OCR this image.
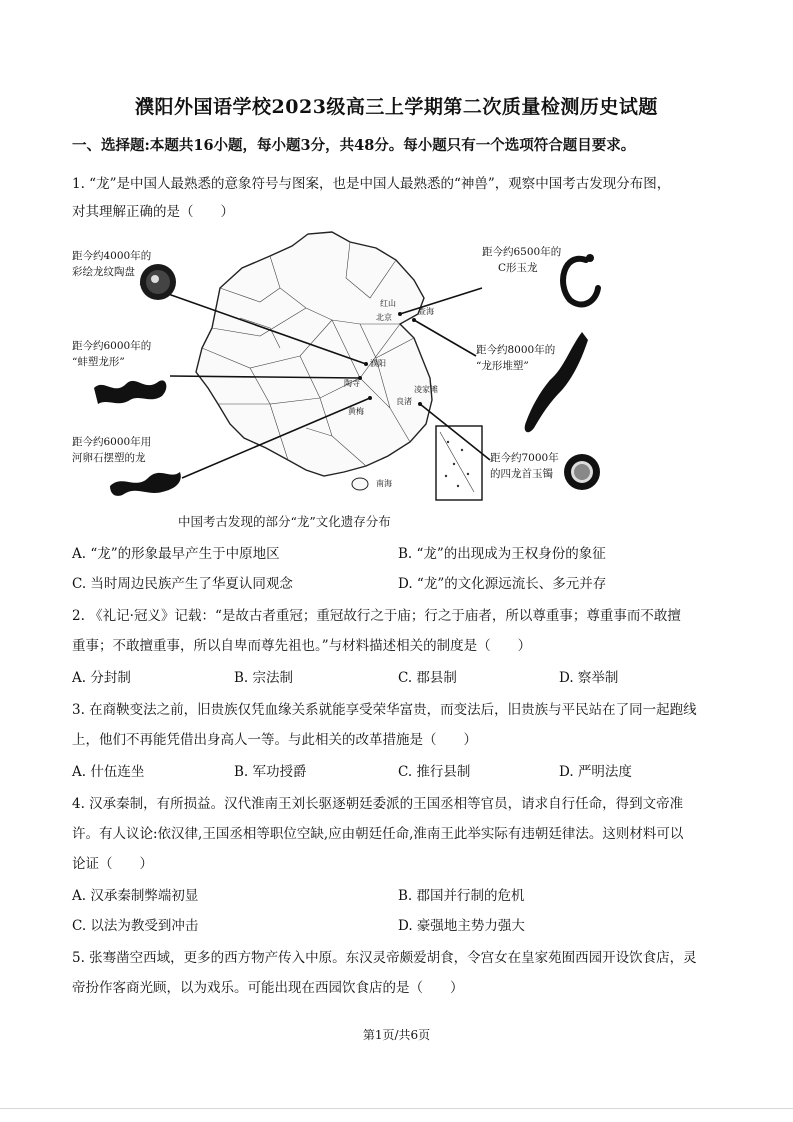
濮阳外国语学校2023级高三上学期第二次质量检测历史试题
一、选择题:本题共16小题，每小题3分，共48分。每小题只有一个选项符合题目要求。
1. “龙”是中国人最熟悉的意象符号与图案，也是中国人最熟悉的“神兽”，观察中国考古发现分布图，
对其理解正确的是（　　）
距今约4000年的
彩绘龙纹陶盘
距今约6000年的
“蚌塑龙形”
距今约6000年用
河卵石摆塑的龙
距今约6500年的
C形玉龙
距今约8000年的
“龙形堆塑”
距今约7000年
的四龙首玉镯
红山
北京
查海
濮阳
陶寺
黄梅
良渚
凌家滩
南海
中国考古发现的部分“龙”文化遗存分布
A. “龙”的形象最早产生于中原地区	B. “龙”的出现成为王权身份的象征
C. 当时周边民族产生了华夏认同观念	D. “龙”的文化源远流长、多元并存
2. 《礼记·冠义》记载：“是故古者重冠；重冠故行之于庙；行之于庙者，所以尊重事；尊重事而不敢擅
重事；不敢擅重事，所以自卑而尊先祖也。”与材料描述相关的制度是（　　）
A. 分封制	B. 宗法制	C. 郡县制	D. 察举制
3. 在商鞅变法之前，旧贵族仅凭血缘关系就能享受荣华富贵，而变法后，旧贵族与平民站在了同一起跑线
上，他们不再能凭借出身高人一等。与此相关的改革措施是（　　）
A. 什伍连坐	B. 军功授爵	C. 推行县制	D. 严明法度
4. 汉承秦制，有所损益。汉代淮南王刘长驱逐朝廷委派的王国丞相等官员，请求自行任命，得到文帝准
许。有人议论:依汉律,王国丞相等职位空缺,应由朝廷任命,淮南王此举实际有违朝廷律法。这则材料可以
论证（　　）
A. 汉承秦制弊端初显	B. 郡国并行制的危机
C. 以法为教受到冲击	D. 豪强地主势力强大
5. 张骞凿空西域，更多的西方物产传入中原。东汉灵帝颇爱胡食，令宫女在皇家苑囿西园开设饮食店，灵
帝扮作客商光顾，以为戏乐。可能出现在西园饮食店的是（　　）
第1页/共6页
